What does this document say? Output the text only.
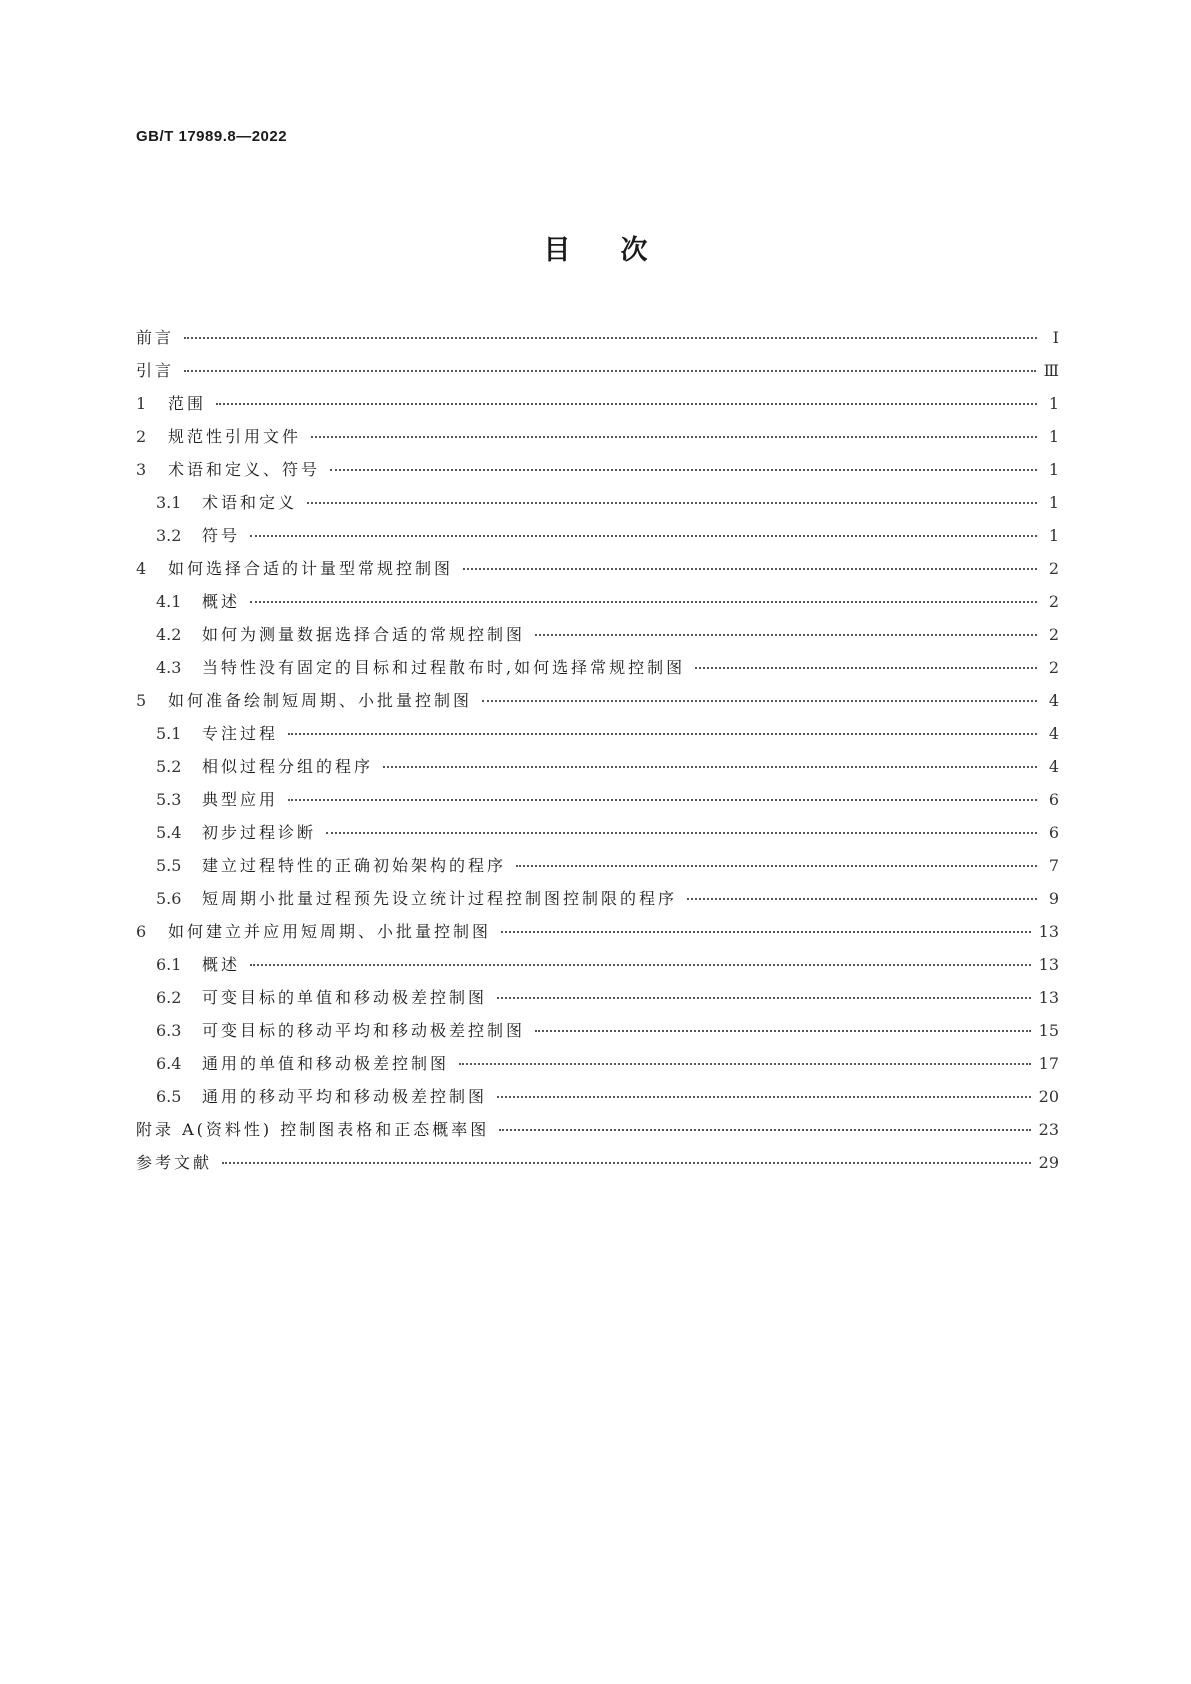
GB/T 17989.8—2022
目次
前言	Ⅰ
引言	Ⅲ
1	范围	1
2	规范性引用文件	1
3	术语和定义、符号	1
3.1	术语和定义	1
3.2	符号	1
4	如何选择合适的计量型常规控制图	2
4.1	概述	2
4.2	如何为测量数据选择合适的常规控制图	2
4.3	当特性没有固定的目标和过程散布时,如何选择常规控制图	2
5	如何准备绘制短周期、小批量控制图	4
5.1	专注过程	4
5.2	相似过程分组的程序	4
5.3	典型应用	6
5.4	初步过程诊断	6
5.5	建立过程特性的正确初始架构的程序	7
5.6	短周期小批量过程预先设立统计过程控制图控制限的程序	9
6	如何建立并应用短周期、小批量控制图	13
6.1	概述	13
6.2	可变目标的单值和移动极差控制图	13
6.3	可变目标的移动平均和移动极差控制图	15
6.4	通用的单值和移动极差控制图	17
6.5	通用的移动平均和移动极差控制图	20
附录 A(资料性) 控制图表格和正态概率图	23
参考文献	29
